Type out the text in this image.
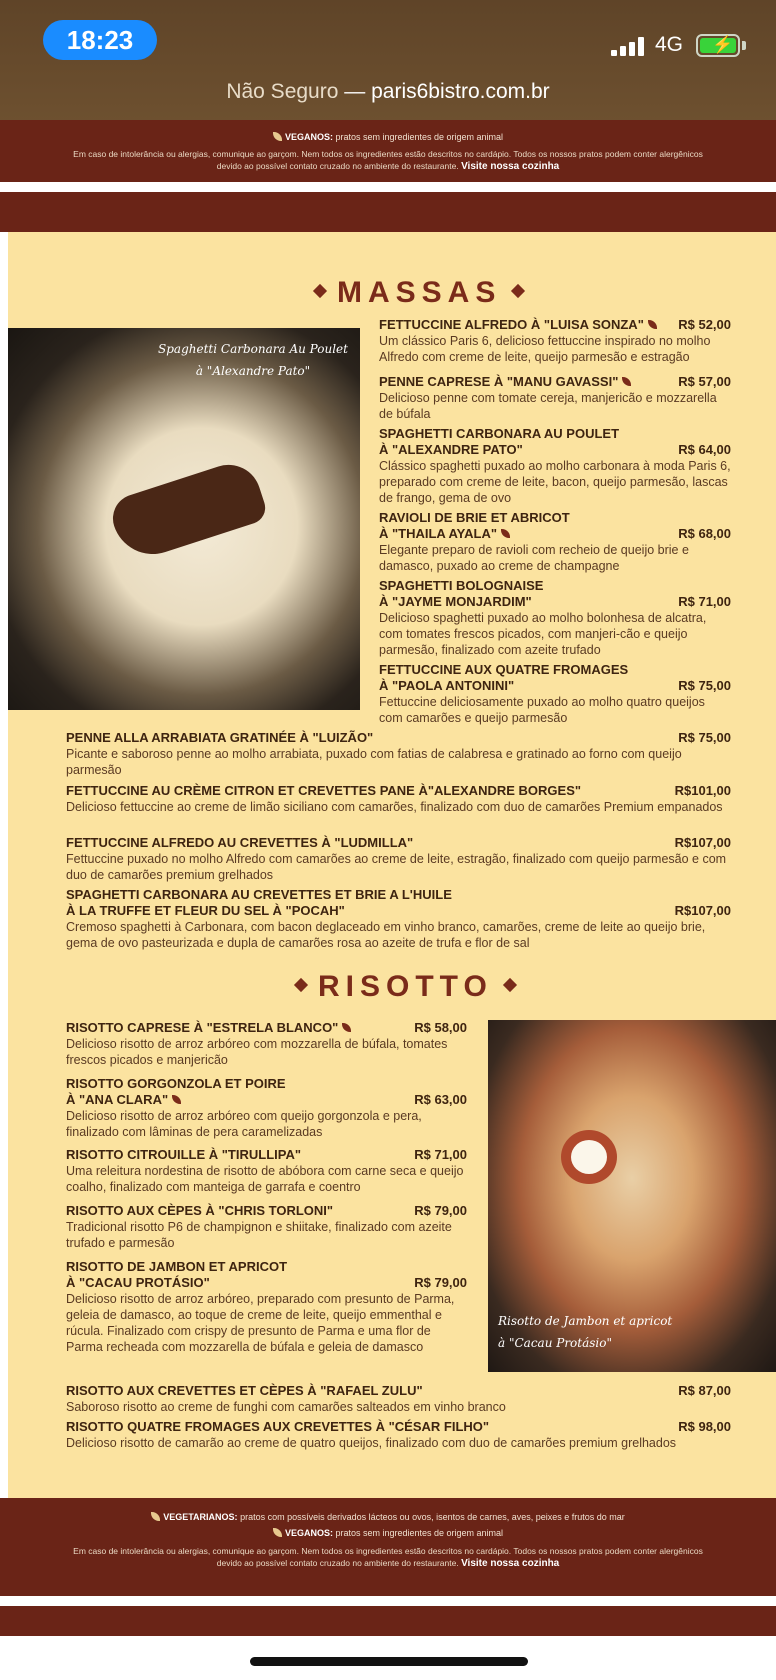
18:23	4G ⚡
Não Seguro — paris6bistro.com.br
VEGANOS: pratos sem ingredientes de origem animal
Em caso de intolerância ou alergias, comunique ao garçom. Nem todos os ingredientes estão descritos no cardápio. Todos os nossos pratos podem conter alergênicos devido ao possível contato cruzado no ambiente do restaurante. Visite nossa cozinha
MASSAS
Spaghetti Carbonara Au Poulet
à "Alexandre Pato"
FETTUCCINE ALFREDO À "LUISA SONZA"	R$ 52,00
Um clássico Paris 6, delicioso fettuccine inspirado no molho Alfredo com creme de leite, queijo parmesão e estragão
PENNE CAPRESE À "MANU GAVASSI"	R$ 57,00
Delicioso penne com tomate cereja, manjericão e mozzarella de búfala
SPAGHETTI CARBONARA AU POULET
À "ALEXANDRE PATO"	R$ 64,00
Clássico spaghetti puxado ao molho carbonara à moda Paris 6, preparado com creme de leite, bacon, queijo parmesão, lascas de frango, gema de ovo
RAVIOLI DE BRIE ET ABRICOT
À "THAILA AYALA"	R$ 68,00
Elegante preparo de ravioli com recheio de queijo brie e damasco, puxado ao creme de champagne
SPAGHETTI BOLOGNAISE
À "JAYME MONJARDIM"	R$ 71,00
Delicioso spaghetti puxado ao molho bolonhesa de alcatra, com tomates frescos picados, com manjeri-cão e queijo parmesão, finalizado com azeite trufado
FETTUCCINE AUX QUATRE FROMAGES
À "PAOLA ANTONINI"	R$ 75,00
Fettuccine deliciosamente puxado ao molho quatro queijos com camarões e queijo parmesão
PENNE ALLA ARRABIATA GRATINÉE À "LUIZÃO"	R$ 75,00
Picante e saboroso penne ao molho arrabiata, puxado com fatias de calabresa e gratinado ao forno com queijo parmesão
FETTUCCINE AU CRÈME CITRON ET CREVETTES PANE À"ALEXANDRE BORGES"	R$101,00
Delicioso fettuccine ao creme de limão siciliano com camarões, finalizado com duo de camarões Premium empanados
FETTUCCINE ALFREDO AU CREVETTES À "LUDMILLA"	R$107,00
Fettuccine puxado no molho Alfredo com camarões ao creme de leite, estragão, finalizado com queijo parmesão e com duo de camarões premium grelhados
SPAGHETTI CARBONARA AU CREVETTES ET BRIE A L'HUILE
À LA TRUFFE ET FLEUR DU SEL À "POCAH"	R$107,00
Cremoso spaghetti à Carbonara, com bacon deglaceado em vinho branco, camarões, creme de leite ao queijo brie, gema de ovo pasteurizada e dupla de camarões rosa ao azeite de trufa e flor de sal
RISOTTO
Risotto de Jambon et apricot
à "Cacau Protásio"
RISOTTO CAPRESE À "ESTRELA BLANCO"	R$ 58,00
Delicioso risotto de arroz arbóreo com mozzarella de búfala, tomates frescos picados e manjericão
RISOTTO GORGONZOLA ET POIRE
À "ANA CLARA"	R$ 63,00
Delicioso risotto de arroz arbóreo com queijo gorgonzola e pera, finalizado com lâminas de pera caramelizadas
RISOTTO CITROUILLE À "TIRULLIPA"	R$ 71,00
Uma releitura nordestina de risotto de abóbora com carne seca e queijo coalho, finalizado com manteiga de garrafa e coentro
RISOTTO AUX CÈPES À "CHRIS TORLONI"	R$ 79,00
Tradicional risotto P6 de champignon e shiitake, finalizado com azeite trufado e parmesão
RISOTTO DE JAMBON ET APRICOT
À "CACAU PROTÁSIO"	R$ 79,00
Delicioso risotto de arroz arbóreo, preparado com presunto de Parma, geleia de damasco, ao toque de creme de leite, queijo emmenthal e rúcula. Finalizado com crispy de presunto de Parma e uma flor de Parma recheada com mozzarella de búfala e geleia de damasco
RISOTTO AUX CREVETTES ET CÈPES À "RAFAEL ZULU"	R$ 87,00
Saboroso risotto ao creme de funghi com camarões salteados em vinho branco
RISOTTO QUATRE FROMAGES AUX CREVETTES À "CÉSAR FILHO"	R$ 98,00
Delicioso risotto de camarão ao creme de quatro queijos, finalizado com duo de camarões premium grelhados
VEGETARIANOS: pratos com possíveis derivados lácteos ou ovos, isentos de carnes, aves, peixes e frutos do mar
VEGANOS: pratos sem ingredientes de origem animal
Em caso de intolerância ou alergias, comunique ao garçom. Nem todos os ingredientes estão descritos no cardápio. Todos os nossos pratos podem conter alergênicos devido ao possível contato cruzado no ambiente do restaurante. Visite nossa cozinha
